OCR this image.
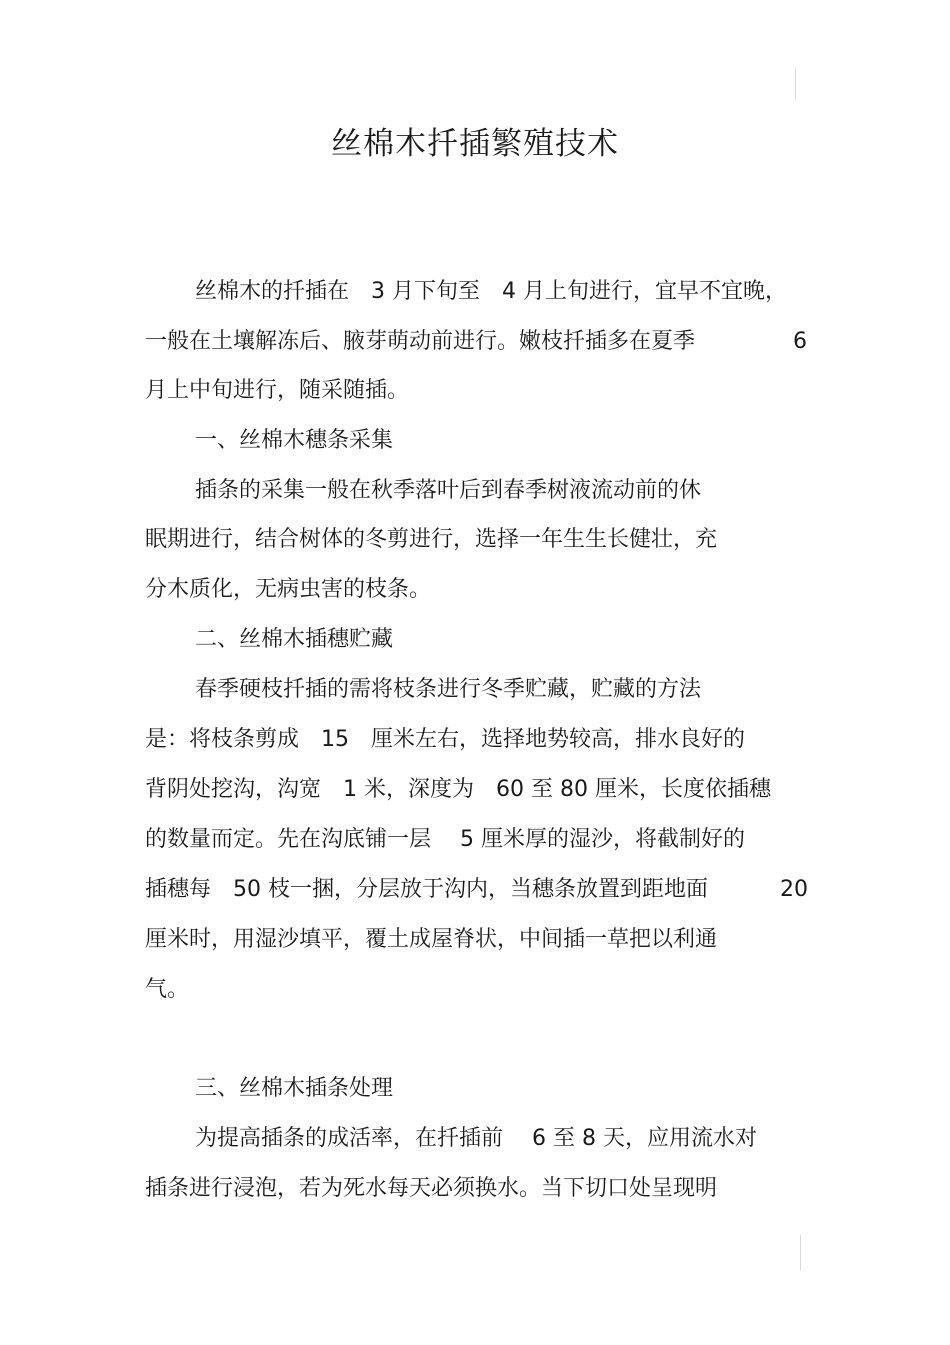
丝棉木扦插繁殖技术
丝棉木的扦插在　3 月下旬至　4 月上旬进行，宜早不宜晚，
一般在土壤解冻后、腋芽萌动前进行。嫩枝扦插多在夏季	6
月上中旬进行，随采随插。
一、丝棉木穗条采集
插条的采集一般在秋季落叶后到春季树液流动前的休
眠期进行，结合树体的冬剪进行，选择一年生生长健壮，充
分木质化，无病虫害的枝条。
二、丝棉木插穗贮藏
春季硬枝扦插的需将枝条进行冬季贮藏，贮藏的方法
是：将枝条剪成　15　厘米左右，选择地势较高，排水良好的
背阴处挖沟，沟宽　1 米，深度为　60 至 80 厘米，长度依插穗
的数量而定。先在沟底铺一层　 5 厘米厚的湿沙，将截制好的
插穗每　50 枝一捆，分层放于沟内，当穗条放置到距地面	20
厘米时，用湿沙填平，覆土成屋脊状，中间插一草把以利通
气。
三、丝棉木插条处理
为提高插条的成活率，在扦插前　 6 至 8 天，应用流水对
插条进行浸泡，若为死水每天必须换水。当下切口处呈现明
